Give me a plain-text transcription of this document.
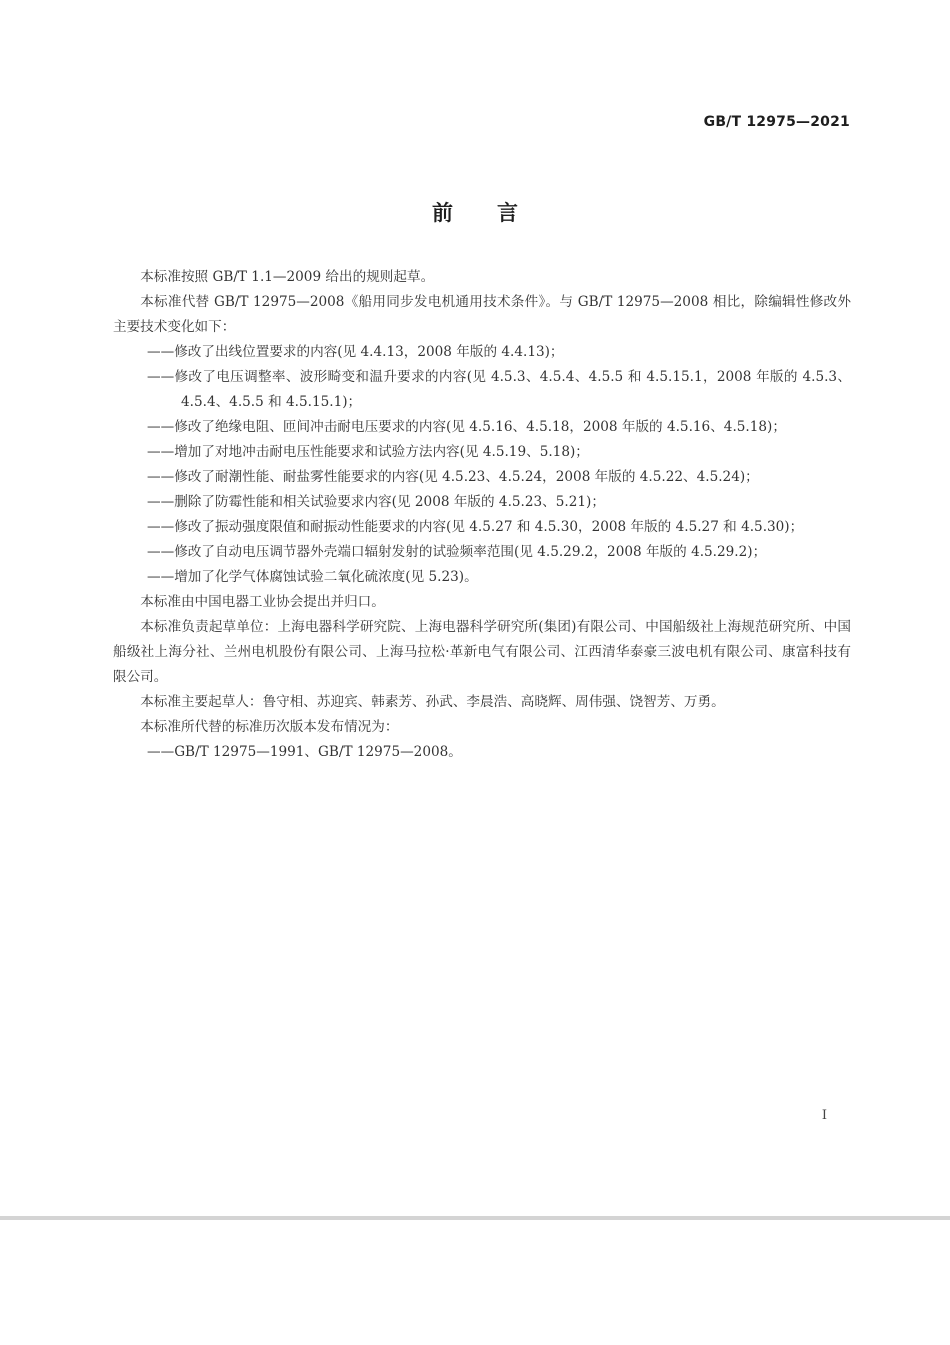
GB/T 12975—2021
前言

本标准按照 GB/T 1.1—2009 给出的规则起草。

本标准代替 GB/T 12975—2008《船用同步发电机通用技术条件》。与 GB/T 12975—2008 相比，除编辑性修改外主要技术变化如下：

——修改了出线位置要求的内容(见 4.4.13，2008 年版的 4.4.13)；

——修改了电压调整率、波形畸变和温升要求的内容(见 4.5.3、4.5.4、4.5.5 和 4.5.15.1，2008 年版的 4.5.3、4.5.4、4.5.5 和 4.5.15.1)；

——修改了绝缘电阻、匝间冲击耐电压要求的内容(见 4.5.16、4.5.18，2008 年版的 4.5.16、4.5.18)；

——增加了对地冲击耐电压性能要求和试验方法内容(见 4.5.19、5.18)；

——修改了耐潮性能、耐盐雾性能要求的内容(见 4.5.23、4.5.24，2008 年版的 4.5.22、4.5.24)；

——删除了防霉性能和相关试验要求内容(见 2008 年版的 4.5.23、5.21)；

——修改了振动强度限值和耐振动性能要求的内容(见 4.5.27 和 4.5.30，2008 年版的 4.5.27 和 4.5.30)；

——修改了自动电压调节器外壳端口辐射发射的试验频率范围(见 4.5.29.2，2008 年版的 4.5.29.2)；

——增加了化学气体腐蚀试验二氧化硫浓度(见 5.23)。

本标准由中国电器工业协会提出并归口。

本标准负责起草单位：上海电器科学研究院、上海电器科学研究所(集团)有限公司、中国船级社上海规范研究所、中国船级社上海分社、兰州电机股份有限公司、上海马拉松·革新电气有限公司、江西清华泰豪三波电机有限公司、康富科技有限公司。

本标准主要起草人：鲁守相、苏迎宾、韩素芳、孙武、李晨浩、高晓辉、周伟强、饶智芳、万勇。

本标准所代替的标准历次版本发布情况为：

——GB/T 12975—1991、GB/T 12975—2008。

I
